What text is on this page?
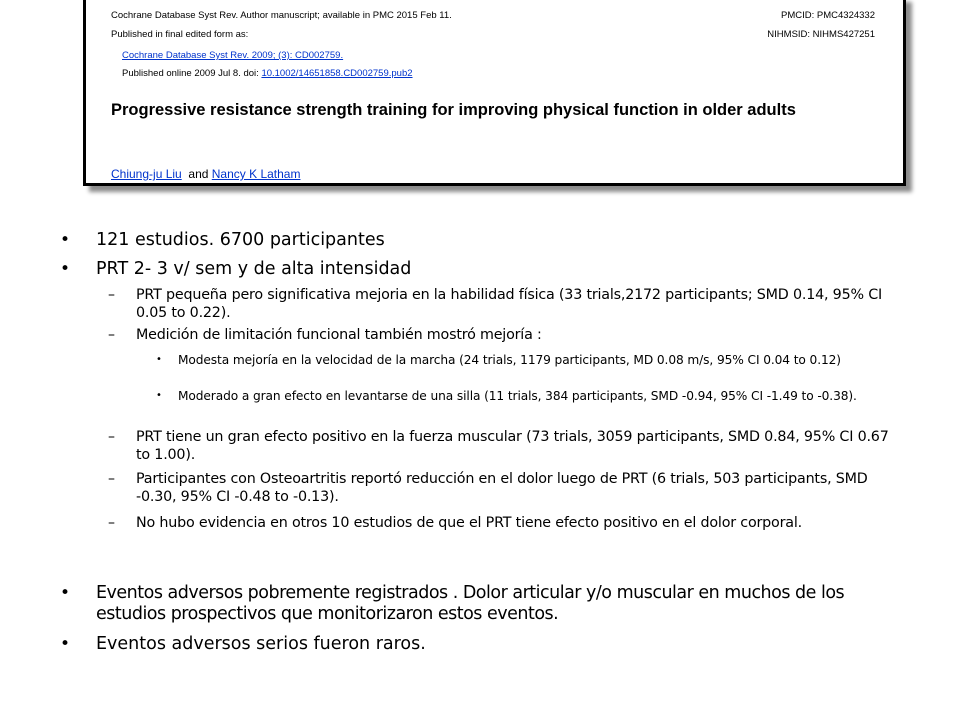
Cochrane Database Syst Rev. Author manuscript; available in PMC 2015 Feb 11.	PMCID: PMC4324332
Published in final edited form as:	NIHMSID: NIHMS427251
Cochrane Database Syst Rev. 2009; (3): CD002759.
Published online 2009 Jul 8. doi: 10.1002/14651858.CD002759.pub2
Progressive resistance strength training for improving physical function in older adults
Chiung-ju Liu and Nancy K Latham
• 121 estudios. 6700 participantes
• PRT 2- 3 v/ sem y de alta intensidad
– PRT pequeña pero significativa mejoria en la habilidad física (33 trials,2172 participants; SMD 0.14, 95% CI 0.05 to 0.22).
– Medición de limitación funcional también mostró mejoría :
• Modesta mejoría en la velocidad de la marcha (24 trials, 1179 participants, MD 0.08 m/s, 95% CI 0.04 to 0.12)
• Moderado a gran efecto en levantarse de una silla (11 trials, 384 participants, SMD -0.94, 95% CI -1.49 to -0.38).
– PRT tiene un gran efecto positivo en la fuerza muscular (73 trials, 3059 participants, SMD 0.84, 95% CI 0.67 to 1.00).
– Participantes con Osteoartritis reportó reducción en el dolor luego de PRT (6 trials, 503 participants, SMD -0.30, 95% CI -0.48 to -0.13).
– No hubo evidencia en otros 10 estudios de que el PRT tiene efecto positivo en el dolor corporal.
• Eventos adversos pobremente registrados . Dolor articular y/o muscular en muchos de los estudios prospectivos que monitorizaron estos eventos.
• Eventos adversos serios fueron raros.
